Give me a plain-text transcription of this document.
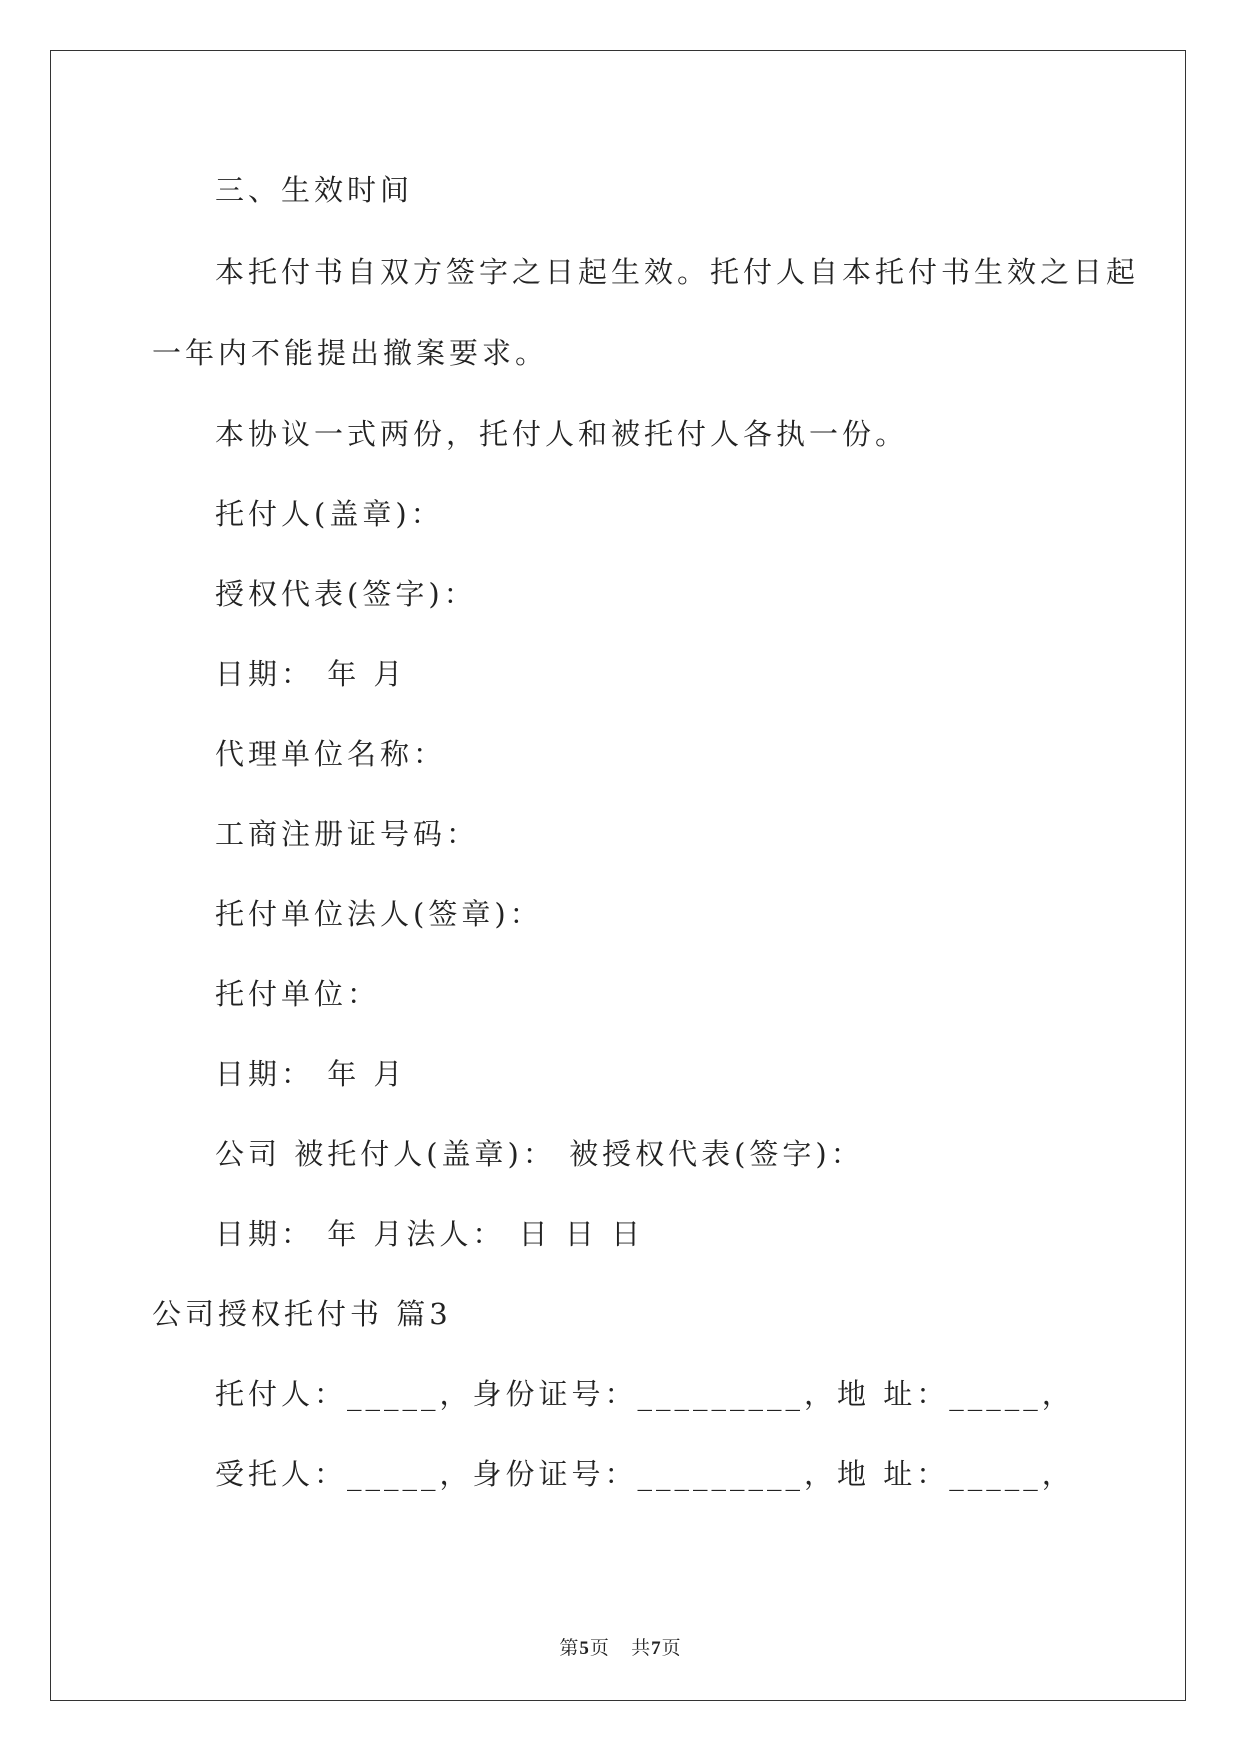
三、生效时间
本托付书自双方签字之日起生效。托付人自本托付书生效之日起
一年内不能提出撤案要求。
本协议一式两份，托付人和被托付人各执一份。
托付人(盖章)：
授权代表(签字)：
日期： 年 月
代理单位名称：
工商注册证号码：
托付单位法人(签章)：
托付单位：
日期： 年 月
公司 被托付人(盖章)： 被授权代表(签字)：
日期： 年 月法人： 日 日 日
公司授权托付书 篇3
托付人：_____，身份证号：_________，地 址：_____，
受托人：_____，身份证号：_________，地 址：_____，
第5页 共7页
